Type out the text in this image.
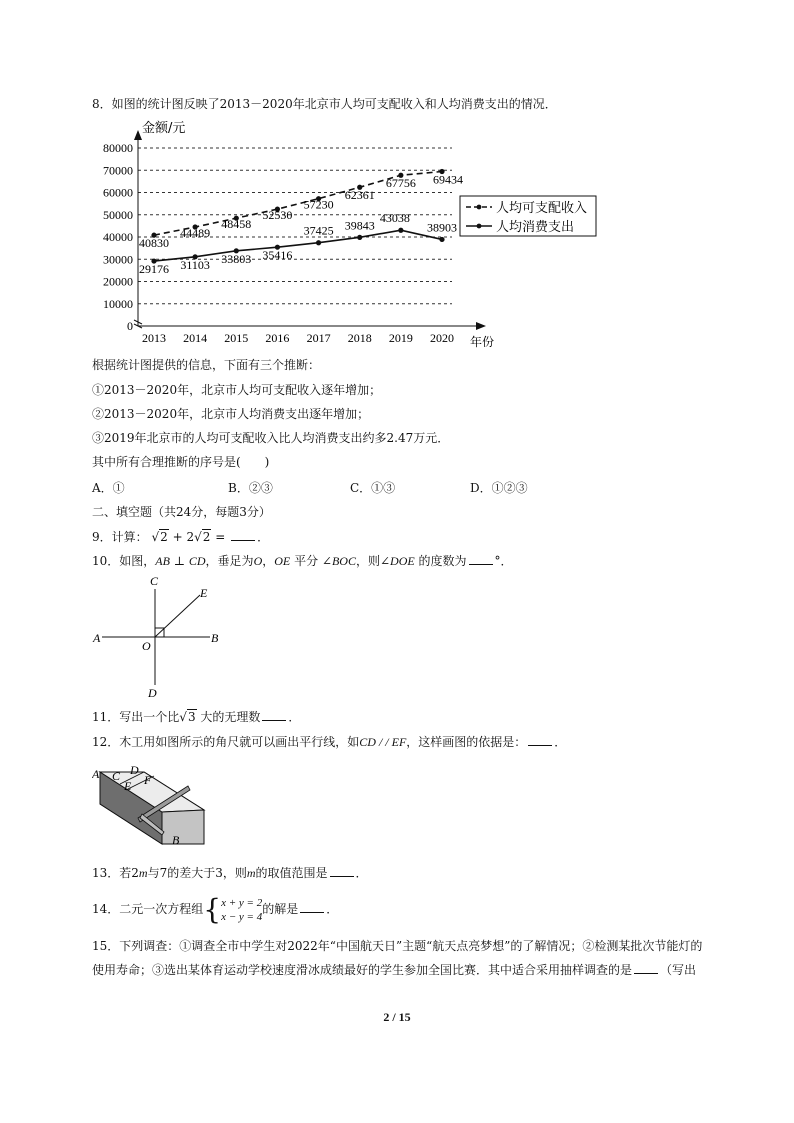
8．如图的统计图反映了2013－2020年北京市人均可支配收入和人均消费支出的情况．
0
10000
20000
30000
40000
50000
60000
70000
80000
金额/元
年份
2013 2014 2015 2016 2017 2018 2019 2020
40830
44489
48458
52530
57230
62361
67756 69434
29176 31103 33803 35416
37425 39843
43038
38903
人均可支配收入
人均消费支出
根据统计图提供的信息，下面有三个推断：
①2013－2020年，北京市人均可支配收入逐年增加；
②2013－2020年，北京市人均消费支出逐年增加；
③2019年北京市的人均可支配收入比人均消费支出约多2.47万元．
其中所有合理推断的序号是(　　)
A．①	B．②③	C．①③	D．①②③
二、填空题（共24分，每题3分）
9．计算： √2 + 2√2 = ．
10．如图，AB ⊥ CD，垂足为O，OE 平分 ∠BOC，则∠DOE 的度数为 °．
A	B
C
D
E
O
11．写出一个比√3 大的无理数 ．
12．木工用如图所示的角尺就可以画出平行线，如CD / / EF，这样画图的依据是： ．
A C D
E F
B
13．若2m与7的差大于3，则m的取值范围是 ．
14．二元一次方程组{ x + y = 2
x − y = 4
的解是 ．
15．下列调查：①调查全市中学生对2022年“中国航天日”主题“航天点亮梦想”的了解情况；②检测某批次节能灯的
使用寿命；③选出某体育运动学校速度滑冰成绩最好的学生参加全国比赛．其中适合采用抽样调查的是 （写出
2 / 15
